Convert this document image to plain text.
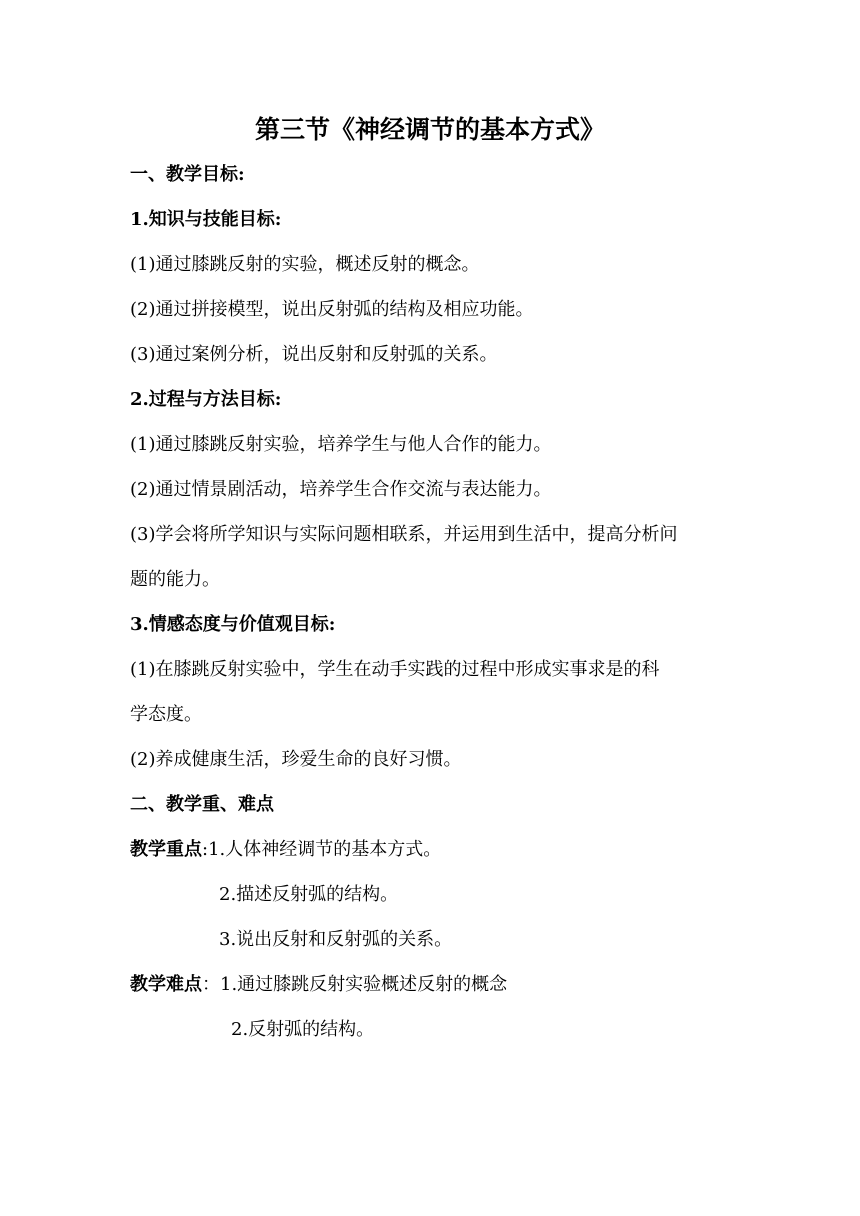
第三节《神经调节的基本方式》
一、教学目标:
1.知识与技能目标:
(1)通过膝跳反射的实验，概述反射的概念。
(2)通过拼接模型，说出反射弧的结构及相应功能。
(3)通过案例分析，说出反射和反射弧的关系。
2.过程与方法目标:
(1)通过膝跳反射实验，培养学生与他人合作的能力。
(2)通过情景剧活动，培养学生合作交流与表达能力。
(3)学会将所学知识与实际问题相联系，并运用到生活中，提高分析问
题的能力。
3.情感态度与价值观目标:
(1)在膝跳反射实验中，学生在动手实践的过程中形成实事求是的科
学态度。
(2)养成健康生活，珍爱生命的良好习惯。
二、教学重、难点
教学重点:1.人体神经调节的基本方式。
2.描述反射弧的结构。
3.说出反射和反射弧的关系。
教学难点：1.通过膝跳反射实验概述反射的概念
2.反射弧的结构。
